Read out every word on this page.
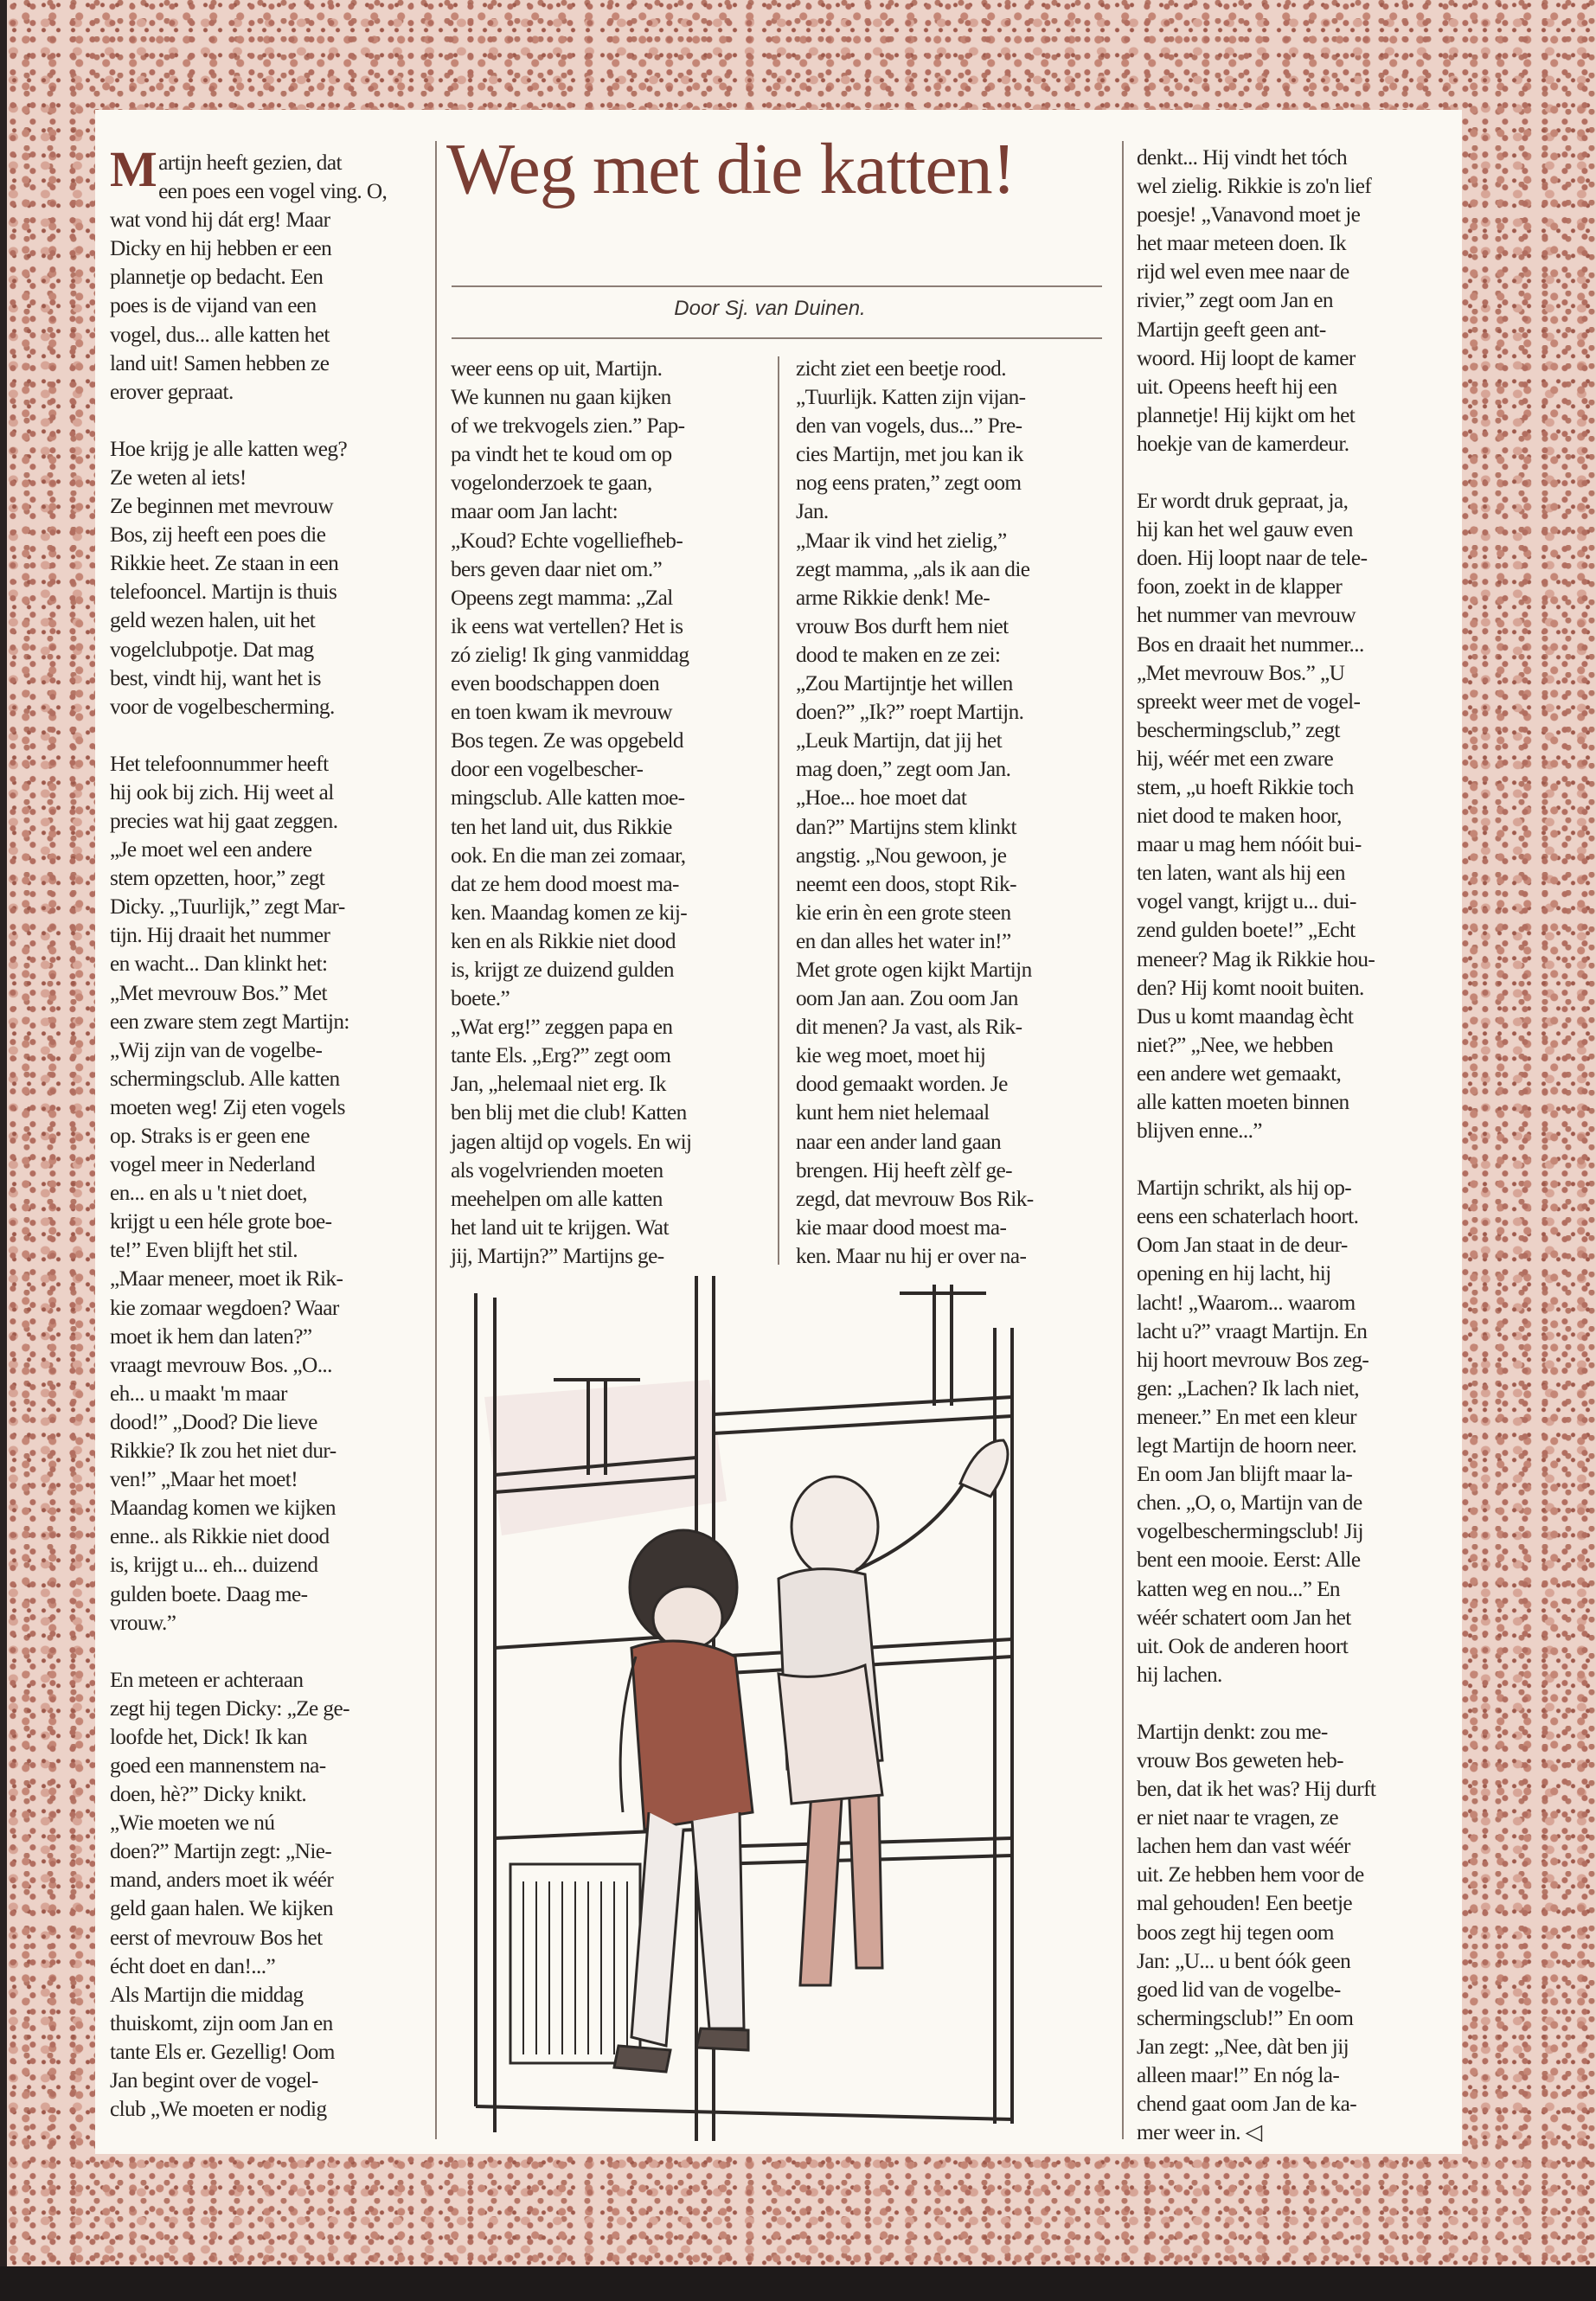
Weg met die katten!
Door Sj. van Duinen.

Martijn heeft gezien, dat
een poes een vogel ving. O,
wat vond hij dát erg! Maar
Dicky en hij hebben er een
plannetje op bedacht. Een
poes is de vijand van een
vogel, dus... alle katten het
land uit! Samen hebben ze
erover gepraat.

Hoe krijg je alle katten weg?
Ze weten al iets!
Ze beginnen met mevrouw
Bos, zij heeft een poes die
Rikkie heet. Ze staan in een
telefooncel. Martijn is thuis
geld wezen halen, uit het
vogelclubpotje. Dat mag
best, vindt hij, want het is
voor de vogelbescherming.

Het telefoonnummer heeft
hij ook bij zich. Hij weet al
precies wat hij gaat zeggen.
„Je moet wel een andere
stem opzetten, hoor,” zegt
Dicky. „Tuurlijk,” zegt Mar-
tijn. Hij draait het nummer
en wacht... Dan klinkt het:
„Met mevrouw Bos.” Met
een zware stem zegt Martijn:
„Wij zijn van de vogelbe-
schermingsclub. Alle katten
moeten weg! Zij eten vogels
op. Straks is er geen ene
vogel meer in Nederland
en... en als u 't niet doet,
krijgt u een héle grote boe-
te!” Even blijft het stil.
„Maar meneer, moet ik Rik-
kie zomaar wegdoen? Waar
moet ik hem dan laten?”
vraagt mevrouw Bos. „O...
eh... u maakt 'm maar
dood!” „Dood? Die lieve
Rikkie? Ik zou het niet dur-
ven!” „Maar het moet!
Maandag komen we kijken
enne.. als Rikkie niet dood
is, krijgt u... eh... duizend
gulden boete. Daag me-
vrouw.”

En meteen er achteraan
zegt hij tegen Dicky: „Ze ge-
loofde het, Dick! Ik kan
goed een mannenstem na-
doen, hè?” Dicky knikt.
„Wie moeten we nú
doen?” Martijn zegt: „Nie-
mand, anders moet ik wéér
geld gaan halen. We kijken
eerst of mevrouw Bos het
écht doet en dan!...”
Als Martijn die middag
thuiskomt, zijn oom Jan en
tante Els er. Gezellig! Oom
Jan begint over de vogel-
club „We moeten er nodig

weer eens op uit, Martijn.
We kunnen nu gaan kijken
of we trekvogels zien.” Pap-
pa vindt het te koud om op
vogelonderzoek te gaan,
maar oom Jan lacht:
„Koud? Echte vogelliefheb-
bers geven daar niet om.”
Opeens zegt mamma: „Zal
ik eens wat vertellen? Het is
zó zielig! Ik ging vanmiddag
even boodschappen doen
en toen kwam ik mevrouw
Bos tegen. Ze was opgebeld
door een vogelbescher-
mingsclub. Alle katten moe-
ten het land uit, dus Rikkie
ook. En die man zei zomaar,
dat ze hem dood moest ma-
ken. Maandag komen ze kij-
ken en als Rikkie niet dood
is, krijgt ze duizend gulden
boete.”
„Wat erg!” zeggen papa en
tante Els. „Erg?” zegt oom
Jan, „helemaal niet erg. Ik
ben blij met die club! Katten
jagen altijd op vogels. En wij
als vogelvrienden moeten
meehelpen om alle katten
het land uit te krijgen. Wat
jij, Martijn?” Martijns ge-

zicht ziet een beetje rood.
„Tuurlijk. Katten zijn vijan-
den van vogels, dus...” Pre-
cies Martijn, met jou kan ik
nog eens praten,” zegt oom
Jan.
„Maar ik vind het zielig,”
zegt mamma, „als ik aan die
arme Rikkie denk! Me-
vrouw Bos durft hem niet
dood te maken en ze zei:
„Zou Martijntje het willen
doen?” „Ik?” roept Martijn.
„Leuk Martijn, dat jij het
mag doen,” zegt oom Jan.
„Hoe... hoe moet dat
dan?” Martijns stem klinkt
angstig. „Nou gewoon, je
neemt een doos, stopt Rik-
kie erin èn een grote steen
en dan alles het water in!”
Met grote ogen kijkt Martijn
oom Jan aan. Zou oom Jan
dit menen? Ja vast, als Rik-
kie weg moet, moet hij
dood gemaakt worden. Je
kunt hem niet helemaal
naar een ander land gaan
brengen. Hij heeft zèlf ge-
zegd, dat mevrouw Bos Rik-
kie maar dood moest ma-
ken. Maar nu hij er over na-

denkt... Hij vindt het tóch
wel zielig. Rikkie is zo'n lief
poesje! „Vanavond moet je
het maar meteen doen. Ik
rijd wel even mee naar de
rivier,” zegt oom Jan en
Martijn geeft geen ant-
woord. Hij loopt de kamer
uit. Opeens heeft hij een
plannetje! Hij kijkt om het
hoekje van de kamerdeur.

Er wordt druk gepraat, ja,
hij kan het wel gauw even
doen. Hij loopt naar de tele-
foon, zoekt in de klapper
het nummer van mevrouw
Bos en draait het nummer...
„Met mevrouw Bos.” „U
spreekt weer met de vogel-
beschermingsclub,” zegt
hij, wéér met een zware
stem, „u hoeft Rikkie toch
niet dood te maken hoor,
maar u mag hem nóóit bui-
ten laten, want als hij een
vogel vangt, krijgt u... dui-
zend gulden boete!” „Echt
meneer? Mag ik Rikkie hou-
den? Hij komt nooit buiten.
Dus u komt maandag ècht
niet?” „Nee, we hebben
een andere wet gemaakt,
alle katten moeten binnen
blijven enne...”

Martijn schrikt, als hij op-
eens een schaterlach hoort.
Oom Jan staat in de deur-
opening en hij lacht, hij
lacht! „Waarom... waarom
lacht u?” vraagt Martijn. En
hij hoort mevrouw Bos zeg-
gen: „Lachen? Ik lach niet,
meneer.” En met een kleur
legt Martijn de hoorn neer.
En oom Jan blijft maar la-
chen. „O, o, Martijn van de
vogelbeschermingsclub! Jij
bent een mooie. Eerst: Alle
katten weg en nou...” En
wéér schatert oom Jan het
uit. Ook de anderen hoort
hij lachen.

Martijn denkt: zou me-
vrouw Bos geweten heb-
ben, dat ik het was? Hij durft
er niet naar te vragen, ze
lachen hem dan vast wéér
uit. Ze hebben hem voor de
mal gehouden! Een beetje
boos zegt hij tegen oom
Jan: „U... u bent óók geen
goed lid van de vogelbe-
schermingsclub!” En oom
Jan zegt: „Nee, dàt ben jij
alleen maar!” En nóg la-
chend gaat oom Jan de ka-
mer weer in. ◁
